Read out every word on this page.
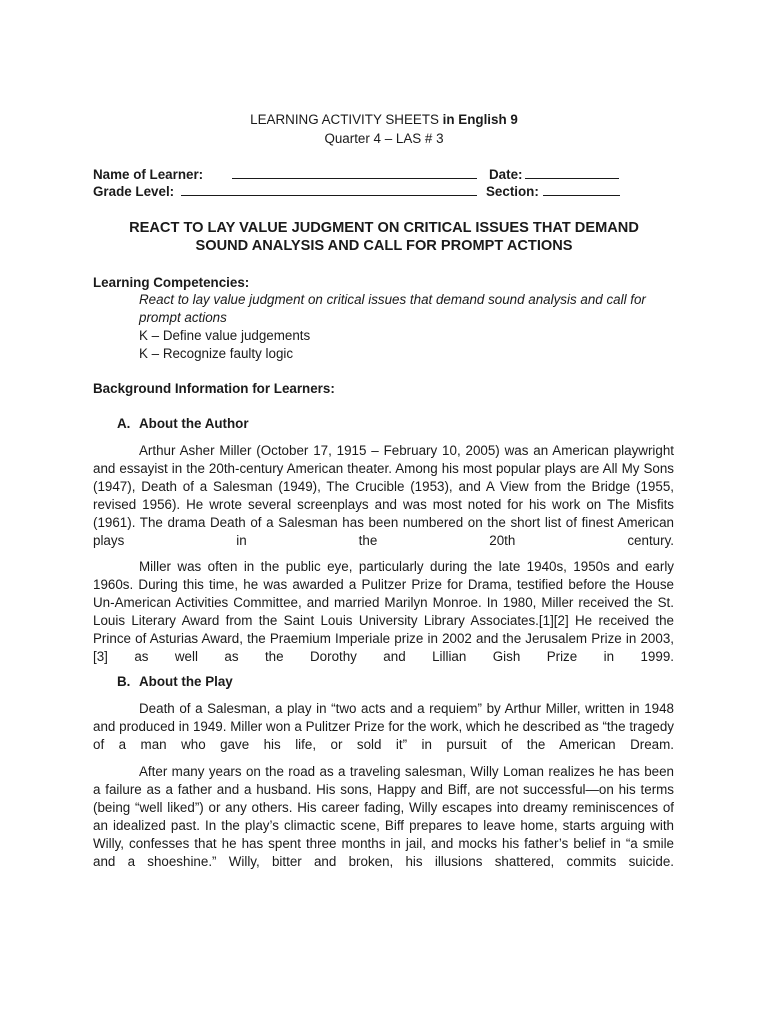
LEARNING ACTIVITY SHEETS in English 9
Quarter 4 – LAS # 3
Name of Learner:	Date:
Grade Level:	Section:
REACT TO LAY VALUE JUDGMENT ON CRITICAL ISSUES THAT DEMAND
SOUND ANALYSIS AND CALL FOR PROMPT ACTIONS
Learning Competencies:
React to lay value judgment on critical issues that demand sound analysis and call for prompt actions
K – Define value judgements
K – Recognize faulty logic
Background Information for Learners:
A. About the Author

Arthur Asher Miller (October 17, 1915 – February 10, 2005) was an American playwright and essayist in the 20th-century American theater. Among his most popular plays are All My Sons (1947), Death of a Salesman (1949), The Crucible (1953), and A View from the Bridge (1955, revised 1956). He wrote several screenplays and was most noted for his work on The Misfits (1961). The drama Death of a Salesman has been numbered on the short list of finest American plays in the 20th century.

Miller was often in the public eye, particularly during the late 1940s, 1950s and early 1960s. During this time, he was awarded a Pulitzer Prize for Drama, testified before the House Un-American Activities Committee, and married Marilyn Monroe. In 1980, Miller received the St. Louis Literary Award from the Saint Louis University Library Associates.[1][2] He received the Prince of Asturias Award, the Praemium Imperiale prize in 2002 and the Jerusalem Prize in 2003,[3] as well as the Dorothy and Lillian Gish Prize in 1999.

B. About the Play

Death of a Salesman, a play in “two acts and a requiem” by Arthur Miller, written in 1948 and produced in 1949. Miller won a Pulitzer Prize for the work, which he described as “the tragedy of a man who gave his life, or sold it” in pursuit of the American Dream.

After many years on the road as a traveling salesman, Willy Loman realizes he has been a failure as a father and a husband. His sons, Happy and Biff, are not successful—on his terms (being “well liked”) or any others. His career fading, Willy escapes into dreamy reminiscences of an idealized past. In the play’s climactic scene, Biff prepares to leave home, starts arguing with Willy, confesses that he has spent three months in jail, and mocks his father’s belief in “a smile and a shoeshine.” Willy, bitter and broken, his illusions shattered, commits suicide.
